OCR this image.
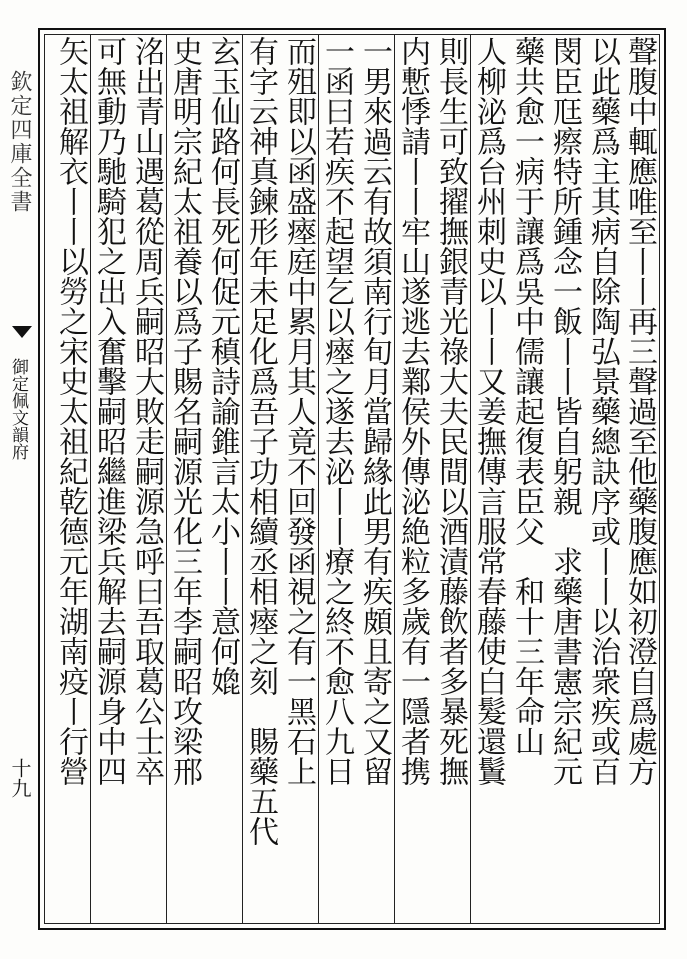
欽定四庫全書
御定佩文韻府
十九	聲腹中輒應唯至丨丨再三聲過至他藥腹應如初澄自爲處方
以此藥爲主其病自除陶弘景藥總訣序或丨丨以治衆疾或百
閔臣尫瘵特所鍾念一飯丨丨皆自躬親　求藥唐書憲宗紀元
藥共愈一病于讓爲吳中儒讓起復表臣父　和十三年命山
人柳泌爲台州刺史以丨丨又姜撫傳言服常春藤使白髮還鬒
則長生可致擢撫銀青光祿大夫民間以酒漬藤飲者多暴死撫
内慙悸請丨丨牢山遂逃去鄴侯外傳泌絶粒多歲有一隱者携
一男來過云有故須南行旬月當歸緣此男有疾頗且寄之又留
一函曰若疾不起望乞以瘞之遂去泌丨丨療之終不愈八九日
而殂即以函盛瘞庭中累月其人竟不回發函視之有一黑石上
有字云神真鍊形年未足化爲吾子功相續丞相瘞之刻　賜藥五代
玄玉仙路何長死何促元稹詩諭錐言太小丨丨意何嫓
史唐明宗紀太祖養以爲子賜名嗣源光化三年李嗣昭攻梁邢
洺出青山遇葛從周兵嗣昭大敗走嗣源急呼曰吾取葛公士卒
可無動乃馳騎犯之出入奮擊嗣昭繼進梁兵解去嗣源身中四
矢太祖解衣丨丨以勞之宋史太祖紀乾德元年湖南疫丨行營
